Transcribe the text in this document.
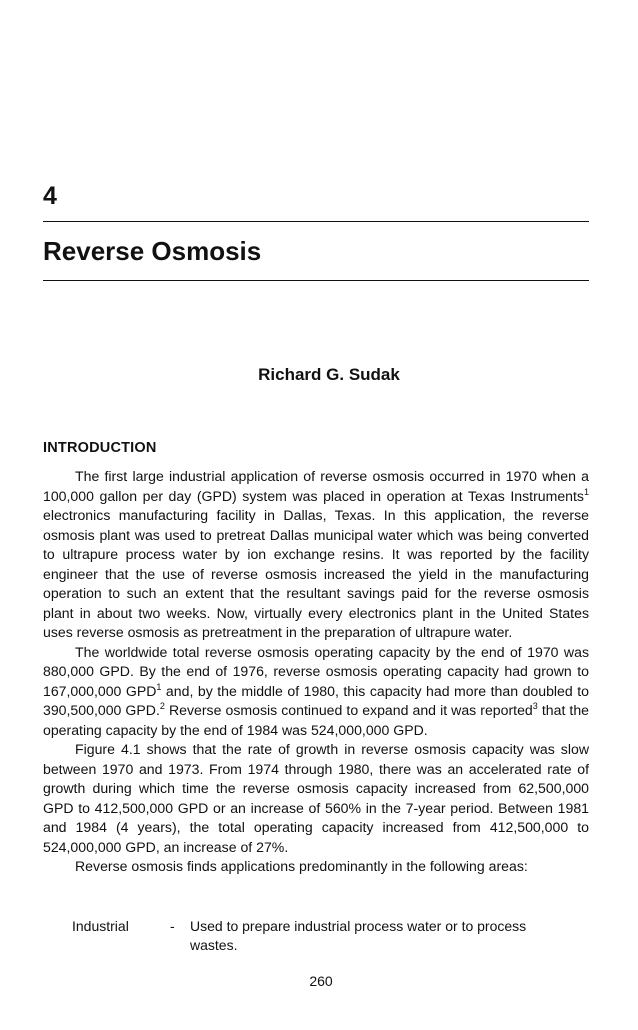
4
Reverse Osmosis
Richard G. Sudak
INTRODUCTION

The first large industrial application of reverse osmosis occurred in 1970 when a 100,000 gallon per day (GPD) system was placed in operation at Texas Instruments$^1$ electronics manufacturing facility in Dallas, Texas. In this application, the reverse osmosis plant was used to pretreat Dallas municipal water which was being converted to ultrapure process water by ion exchange resins. It was reported by the facility engineer that the use of reverse osmosis increased the yield in the manufacturing operation to such an extent that the resultant savings paid for the reverse osmosis plant in about two weeks. Now, virtually every electronics plant in the United States uses reverse osmosis as pretreatment in the preparation of ultrapure water.

The worldwide total reverse osmosis operating capacity by the end of 1970 was 880,000 GPD. By the end of 1976, reverse osmosis operating capacity had grown to 167,000,000 GPD$^1$ and, by the middle of 1980, this capacity had more than doubled to 390,500,000 GPD.$^2$ Reverse osmosis continued to expand and it was reported$^3$ that the operating capacity by the end of 1984 was 524,000,000 GPD.

Figure 4.1 shows that the rate of growth in reverse osmosis capacity was slow between 1970 and 1973. From 1974 through 1980, there was an accelerated rate of growth during which time the reverse osmosis capacity increased from 62,500,000 GPD to 412,500,000 GPD or an increase of 560% in the 7-year period. Between 1981 and 1984 (4 years), the total operating capacity increased from 412,500,000 to 524,000,000 GPD, an increase of 27%.

Reverse osmosis finds applications predominantly in the following areas:

Industrial	-	Used to prepare industrial process water or to process wastes.
260
